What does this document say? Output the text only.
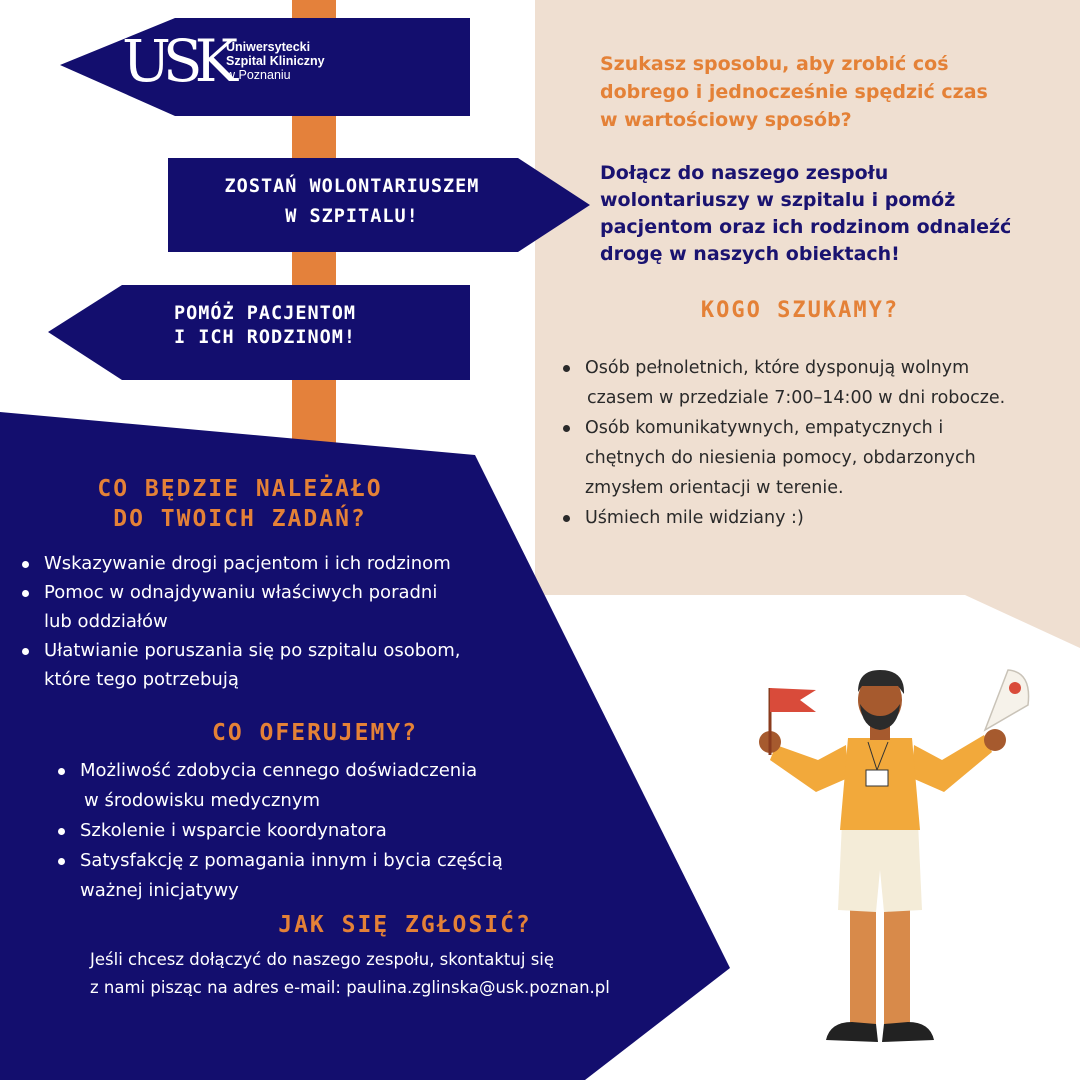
USK
Uniwersytecki
Szpital Kliniczny
w Poznaniu
ZOSTAŃ WOLONTARIUSZEM
W SZPITALU!
POMÓŻ PACJENTOM
I ICH RODZINOM!
Szukasz sposobu, aby zrobić coś
dobrego i jednocześnie spędzić czas
w wartościowy sposób?
Dołącz do naszego zespołu
wolontariuszy w szpitalu i pomóż
pacjentom oraz ich rodzinom odnaleźć
drogę w naszych obiektach!
KOGO SZUKAMY?
Osób pełnoletnich, które dysponują wolnym
czasem w przedziale 7:00–14:00 w dni robocze.
Osób komunikatywnych, empatycznych i
chętnych do niesienia pomocy, obdarzonych
zmysłem orientacji w terenie.
Uśmiech mile widziany :)
CO BĘDZIE NALEŻAŁO
DO TWOICH ZADAŃ?
Wskazywanie drogi pacjentom i ich rodzinom
Pomoc w odnajdywaniu właściwych poradni
lub oddziałów
Ułatwianie poruszania się po szpitalu osobom,
które tego potrzebują
CO OFERUJEMY?
Możliwość zdobycia cennego doświadczenia
w środowisku medycznym
Szkolenie i wsparcie koordynatora
Satysfakcję z pomagania innym i bycia częścią
ważnej inicjatywy
JAK SIĘ ZGŁOSIĆ?
Jeśli chcesz dołączyć do naszego zespołu, skontaktuj się
z nami pisząc na adres e-mail: paulina.zglinska@usk.poznan.pl
